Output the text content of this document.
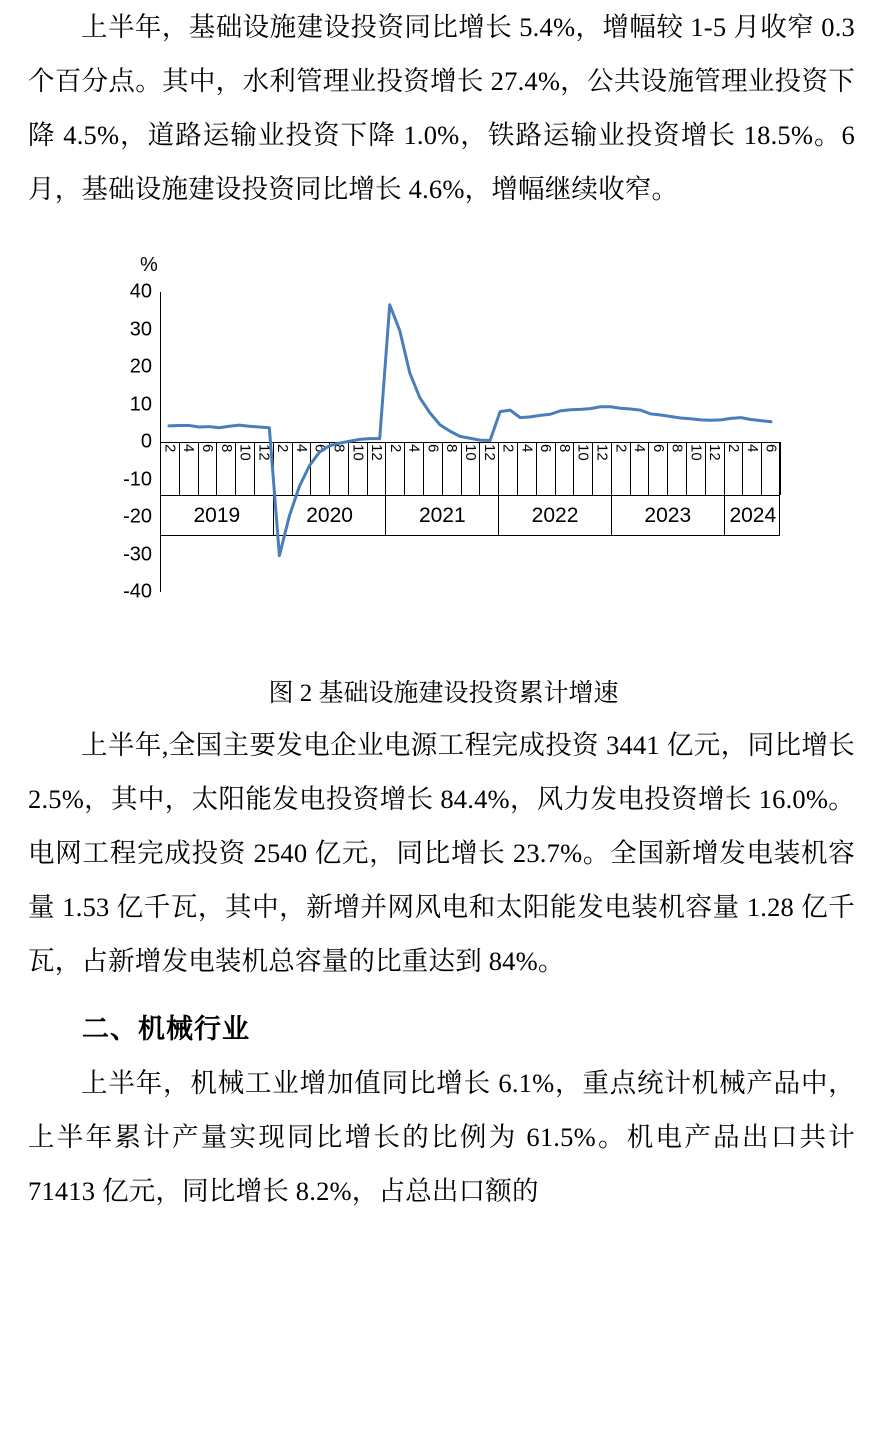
上半年，基础设施建设投资同比增长 5.4%，增幅较 1-5 月收窄 0.3 个百分点。其中，水利管理业投资增长 27.4%，公共设施管理业投资下降 4.5%，道路运输业投资下降 1.0%，铁路运输业投资增长 18.5%。6 月，基础设施建设投资同比增长 4.6%，增幅继续收窄。

%
40
30
20
10
0
-10
-20
-30
-40
2 4 6 8 10 12 2 4 6 8 10 12 2 4 6 8 10 12 2 4 6 8 10 12 2 4 6 8 10 12 2 4 6
2019	2020	2021	2022	2023	2024
图 2 基础设施建设投资累计增速

上半年,全国主要发电企业电源工程完成投资 3441 亿元，同比增长 2.5%，其中，太阳能发电投资增长 84.4%，风力发电投资增长 16.0%。电网工程完成投资 2540 亿元，同比增长 23.7%。全国新增发电装机容量 1.53 亿千瓦，其中，新增并网风电和太阳能发电装机容量 1.28 亿千瓦，占新增发电装机总容量的比重达到 84%。

二、机械行业

上半年，机械工业增加值同比增长 6.1%，重点统计机械产品中，上半年累计产量实现同比增长的比例为 61.5%。机电产品出口共计 71413 亿元，同比增长 8.2%，占总出口额的
